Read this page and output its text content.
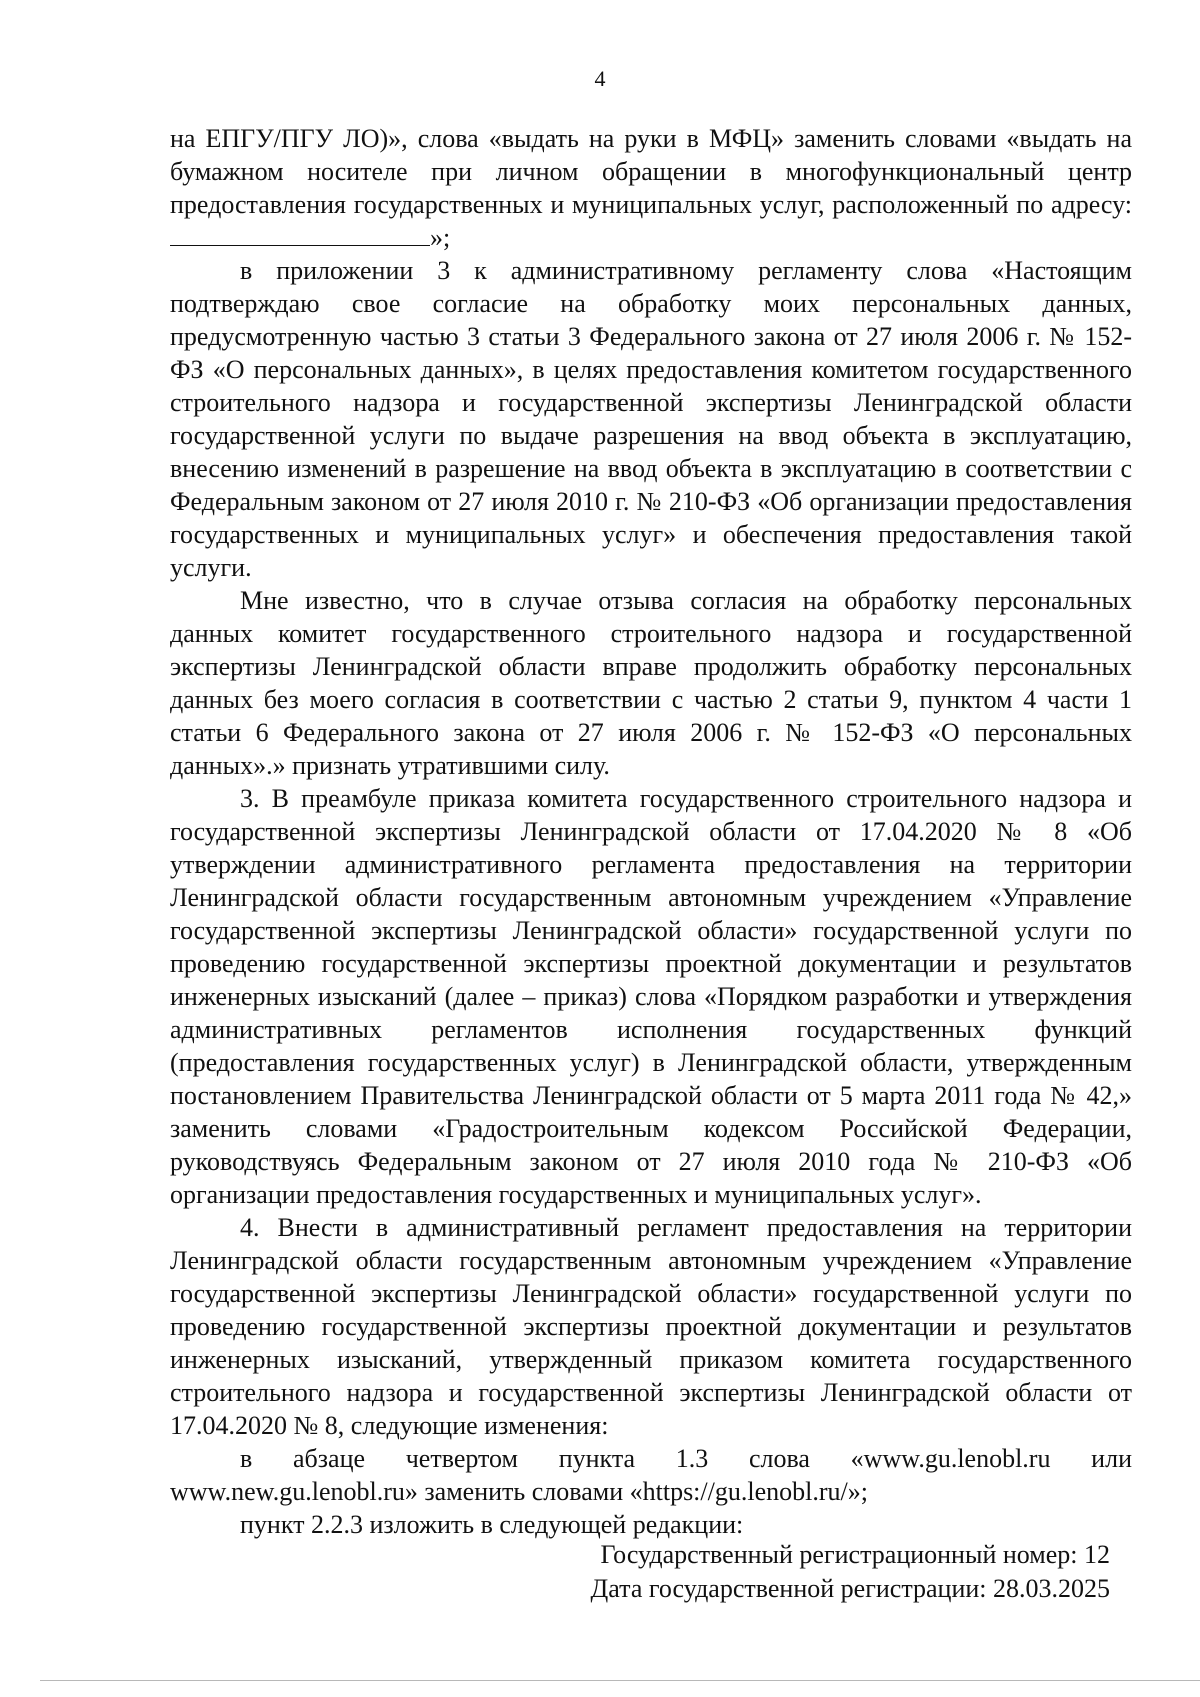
4

на ЕПГУ/ПГУ ЛО)», слова «выдать на руки в МФЦ» заменить словами «выдать на бумажном носителе при личном обращении в многофункциональный центр предоставления государственных и муниципальных услуг, расположенный по адресу: »;

в приложении 3 к административному регламенту слова «Настоящим подтверждаю свое согласие на обработку моих персональных данных, предусмотренную частью 3 статьи 3 Федерального закона от 27 июля 2006 г. № 152-ФЗ «О персональных данных», в целях предоставления комитетом государственного строительного надзора и государственной экспертизы Ленинградской области государственной услуги по выдаче разрешения на ввод объекта в эксплуатацию, внесению изменений в разрешение на ввод объекта в эксплуатацию в соответствии с Федеральным законом от 27 июля 2010 г. № 210-ФЗ «Об организации предоставления государственных и муниципальных услуг» и обеспечения предоставления такой услуги.

Мне известно, что в случае отзыва согласия на обработку персональных данных комитет государственного строительного надзора и государственной экспертизы Ленинградской области вправе продолжить обработку персональных данных без моего согласия в соответствии с частью 2 статьи 9, пунктом 4 части 1 статьи 6 Федерального закона от 27 июля 2006 г. № 152-ФЗ «О персональных данных».» признать утратившими силу.

3. В преамбуле приказа комитета государственного строительного надзора и государственной экспертизы Ленинградской области от 17.04.2020 № 8 «Об утверждении административного регламента предоставления на территории Ленинградской области государственным автономным учреждением «Управление государственной экспертизы Ленинградской области» государственной услуги по проведению государственной экспертизы проектной документации и результатов инженерных изысканий (далее – приказ) слова «Порядком разработки и утверждения административных регламентов исполнения государственных функций (предоставления государственных услуг) в Ленинградской области, утвержденным постановлением Правительства Ленинградской области от 5 марта 2011 года № 42,» заменить словами «Градостроительным кодексом Российской Федерации, руководствуясь Федеральным законом от 27 июля 2010 года № 210-ФЗ «Об организации предоставления государственных и муниципальных услуг».

4. Внести в административный регламент предоставления на территории Ленинградской области государственным автономным учреждением «Управление государственной экспертизы Ленинградской области» государственной услуги по проведению государственной экспертизы проектной документации и результатов инженерных изысканий, утвержденный приказом комитета государственного строительного надзора и государственной экспертизы Ленинградской области от 17.04.2020 № 8, следующие изменения:

в абзаце четвертом пункта 1.3 слова «www.gu.lenobl.ru или www.new.gu.lenobl.ru» заменить словами «https://gu.lenobl.ru/»;

пункт 2.2.3 изложить в следующей редакции:

Государственный регистрационный номер: 12
Дата государственной регистрации: 28.03.2025
